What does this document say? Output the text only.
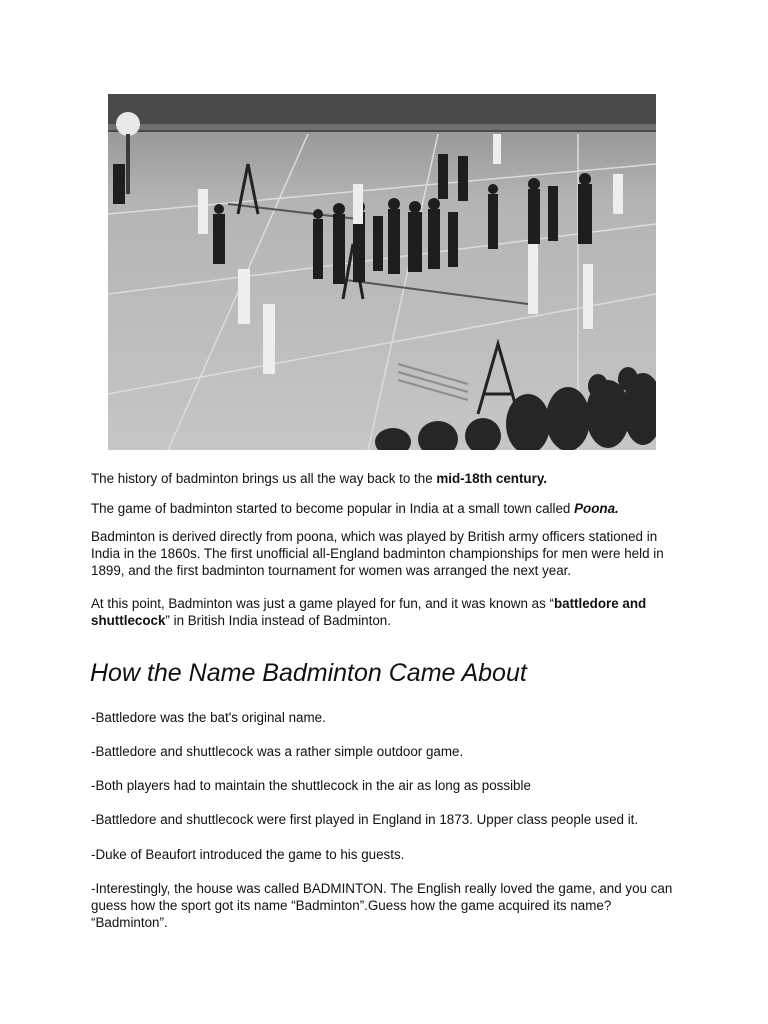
The history of badminton brings us all the way back to the mid-18th century.

The game of badminton started to become popular in India at a small town called Poona.

Badminton is derived directly from poona, which was played by British army officers stationed in India in the 1860s. The first unofficial all-England badminton championships for men were held in 1899, and the first badminton tournament for women was arranged the next year.

At this point, Badminton was just a game played for fun, and it was known as “battledore and shuttlecock” in British India instead of Badminton.

How the Name Badminton Came About

-Battledore was the bat's original name.

-Battledore and shuttlecock was a rather simple outdoor game.

-Both players had to maintain the shuttlecock in the air as long as possible

-Battledore and shuttlecock were first played in England in 1873. Upper class people used it.

-Duke of Beaufort introduced the game to his guests.

-Interestingly, the house was called BADMINTON. The English really loved the game, and you can guess how the sport got its name “Badminton”.Guess how the game acquired its name? “Badminton”.
